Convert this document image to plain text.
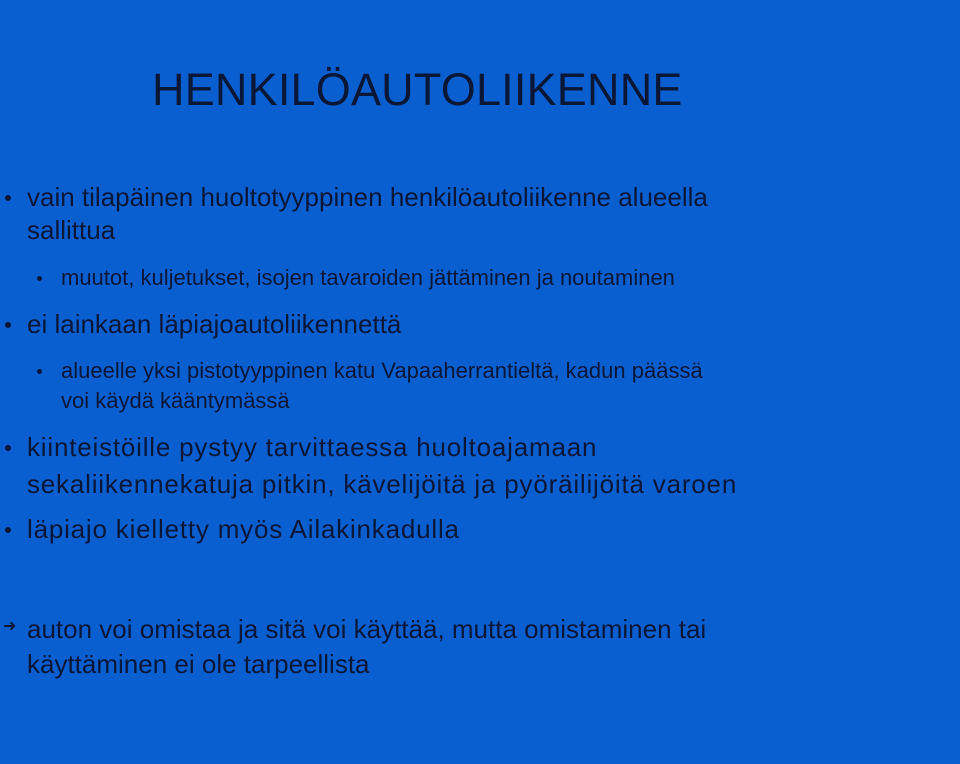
HENKILÖAUTOLIIKENNE
vain tilapäinen huoltotyyppinen henkilöautoliikenne alueella
sallittua
muutot, kuljetukset, isojen tavaroiden jättäminen ja noutaminen
ei lainkaan läpiajoautoliikennettä
alueelle yksi pistotyyppinen katu Vapaaherrantieltä, kadun päässä
voi käydä kääntymässä
kiinteistöille pystyy tarvittaessa huoltoajamaan
sekaliikennekatuja pitkin, kävelijöitä ja pyöräilijöitä varoen
läpiajo kielletty myös Ailakinkadulla
➜ auton voi omistaa ja sitä voi käyttää, mutta omistaminen tai
käyttäminen ei ole tarpeellista
